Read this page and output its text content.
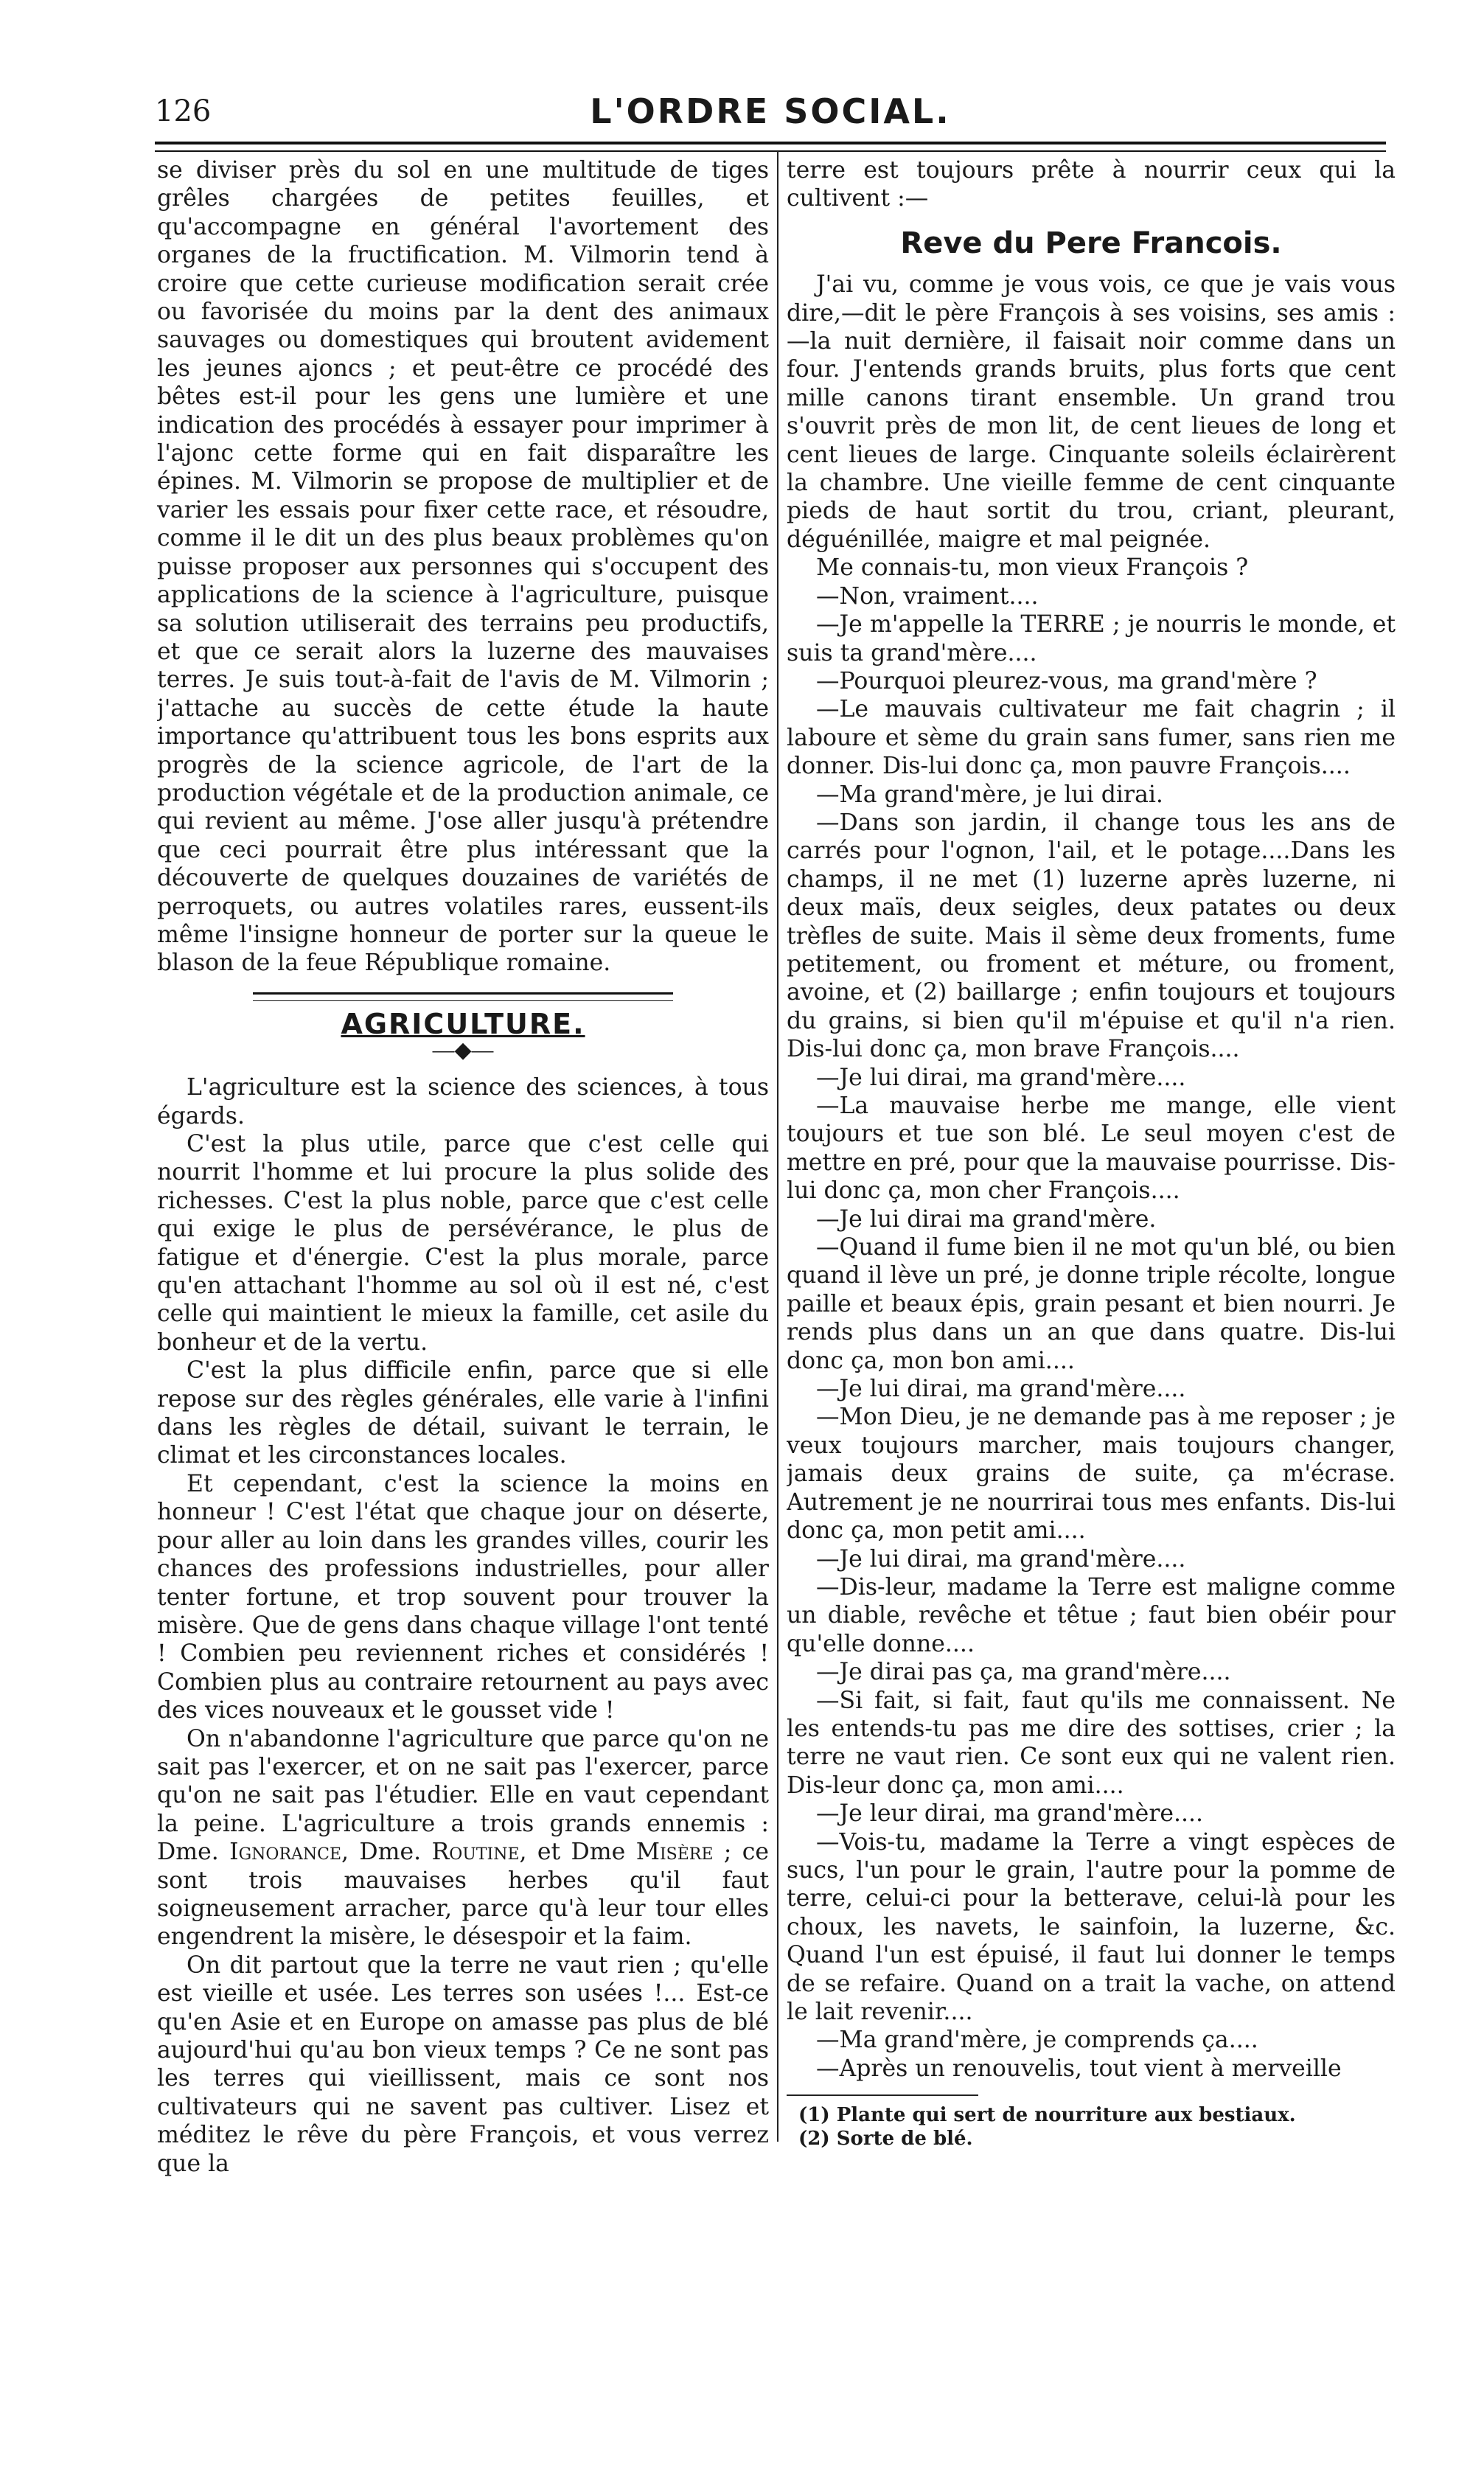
126	L'ORDRE SOCIAL.

se diviser près du sol en une multitude de tiges grêles chargées de petites feuilles, et qu'accompagne en général l'avortement des organes de la fructification. M. Vilmorin tend à croire que cette curieuse modification serait crée ou favorisée du moins par la dent des animaux sauvages ou domestiques qui broutent avidement les jeunes ajoncs ; et peut-être ce procédé des bêtes est-il pour les gens une lumière et une indication des procédés à essayer pour imprimer à l'ajonc cette forme qui en fait disparaître les épines. M. Vilmorin se propose de multiplier et de varier les essais pour fixer cette race, et résoudre, comme il le dit un des plus beaux problèmes qu'on puisse proposer aux personnes qui s'occupent des applications de la science à l'agriculture, puisque sa solution utiliserait des terrains peu productifs, et que ce serait alors la luzerne des mauvaises terres. Je suis tout-à-fait de l'avis de M. Vilmorin ; j'attache au succès de cette étude la haute importance qu'attribuent tous les bons esprits aux progrès de la science agricole, de l'art de la production végétale et de la production animale, ce qui revient au même. J'ose aller jusqu'à prétendre que ceci pourrait être plus intéressant que la découverte de quelques douzaines de variétés de perroquets, ou autres volatiles rares, eussent-ils même l'insigne honneur de porter sur la queue le blason de la feue République romaine.

AGRICULTURE.
⎯⎯◆⎯⎯

L'agriculture est la science des sciences, à tous égards.

C'est la plus utile, parce que c'est celle qui nourrit l'homme et lui procure la plus solide des richesses. C'est la plus noble, parce que c'est celle qui exige le plus de persévérance, le plus de fatigue et d'énergie. C'est la plus morale, parce qu'en attachant l'homme au sol où il est né, c'est celle qui maintient le mieux la famille, cet asile du bonheur et de la vertu.

C'est la plus difficile enfin, parce que si elle repose sur des règles générales, elle varie à l'infini dans les règles de détail, suivant le terrain, le climat et les circonstances locales.

Et cependant, c'est la science la moins en honneur ! C'est l'état que chaque jour on déserte, pour aller au loin dans les grandes villes, courir les chances des professions industrielles, pour aller tenter fortune, et trop souvent pour trouver la misère. Que de gens dans chaque village l'ont tenté ! Combien peu reviennent riches et considérés ! Combien plus au contraire retournent au pays avec des vices nouveaux et le gousset vide !

On n'abandonne l'agriculture que parce qu'on ne sait pas l'exercer, et on ne sait pas l'exercer, parce qu'on ne sait pas l'étudier. Elle en vaut cependant la peine. L'agriculture a trois grands ennemis : Dme. Ignorance, Dme. Routine, et Dme Misère ; ce sont trois mauvaises herbes qu'il faut soigneusement arracher, parce qu'à leur tour elles engendrent la misère, le désespoir et la faim.

On dit partout que la terre ne vaut rien ; qu'elle est vieille et usée. Les terres son usées !... Est-ce qu'en Asie et en Europe on amasse pas plus de blé aujourd'hui qu'au bon vieux temps ? Ce ne sont pas les terres qui vieillissent, mais ce sont nos cultivateurs qui ne savent pas cultiver. Lisez et méditez le rêve du père François, et vous verrez que la

terre est toujours prête à nourrir ceux qui la cultivent :—

Reve du Pere Francois.

J'ai vu, comme je vous vois, ce que je vais vous dire,—dit le père François à ses voisins, ses amis :—la nuit dernière, il faisait noir comme dans un four. J'entends grands bruits, plus forts que cent mille canons tirant ensemble. Un grand trou s'ouvrit près de mon lit, de cent lieues de long et cent lieues de large. Cinquante soleils éclairèrent la chambre. Une vieille femme de cent cinquante pieds de haut sortit du trou, criant, pleurant, déguénillée, maigre et mal peignée.

Me connais-tu, mon vieux François ?

—Non, vraiment....

—Je m'appelle la TERRE ; je nourris le monde, et suis ta grand'mère....

—Pourquoi pleurez-vous, ma grand'mère ?

—Le mauvais cultivateur me fait chagrin ; il laboure et sème du grain sans fumer, sans rien me donner. Dis-lui donc ça, mon pauvre François....

—Ma grand'mère, je lui dirai.

—Dans son jardin, il change tous les ans de carrés pour l'ognon, l'ail, et le potage....Dans les champs, il ne met (1) luzerne après luzerne, ni deux maïs, deux seigles, deux patates ou deux trèfles de suite. Mais il sème deux froments, fume petitement, ou froment et méture, ou froment, avoine, et (2) baillarge ; enfin toujours et toujours du grains, si bien qu'il m'épuise et qu'il n'a rien. Dis-lui donc ça, mon brave François....

—Je lui dirai, ma grand'mère....

—La mauvaise herbe me mange, elle vient toujours et tue son blé. Le seul moyen c'est de mettre en pré, pour que la mauvaise pourrisse. Dis-lui donc ça, mon cher François....

—Je lui dirai ma grand'mère.

—Quand il fume bien il ne mot qu'un blé, ou bien quand il lève un pré, je donne triple récolte, longue paille et beaux épis, grain pesant et bien nourri. Je rends plus dans un an que dans quatre. Dis-lui donc ça, mon bon ami....

—Je lui dirai, ma grand'mère....

—Mon Dieu, je ne demande pas à me reposer ; je veux toujours marcher, mais toujours changer, jamais deux grains de suite, ça m'écrase. Autrement je ne nourrirai tous mes enfants. Dis-lui donc ça, mon petit ami....

—Je lui dirai, ma grand'mère....

—Dis-leur, madame la Terre est maligne comme un diable, revêche et têtue ; faut bien obéir pour qu'elle donne....

—Je dirai pas ça, ma grand'mère....

—Si fait, si fait, faut qu'ils me connaissent. Ne les entends-tu pas me dire des sottises, crier ; la terre ne vaut rien. Ce sont eux qui ne valent rien. Dis-leur donc ça, mon ami....

—Je leur dirai, ma grand'mère....

—Vois-tu, madame la Terre a vingt espèces de sucs, l'un pour le grain, l'autre pour la pomme de terre, celui-ci pour la betterave, celui-là pour les choux, les navets, le sainfoin, la luzerne, &c. Quand l'un est épuisé, il faut lui donner le temps de se refaire. Quand on a trait la vache, on attend le lait revenir....

—Ma grand'mère, je comprends ça....

—Après un renouvelis, tout vient à merveille

(1) Plante qui sert de nourriture aux bestiaux.

(2) Sorte de blé.
